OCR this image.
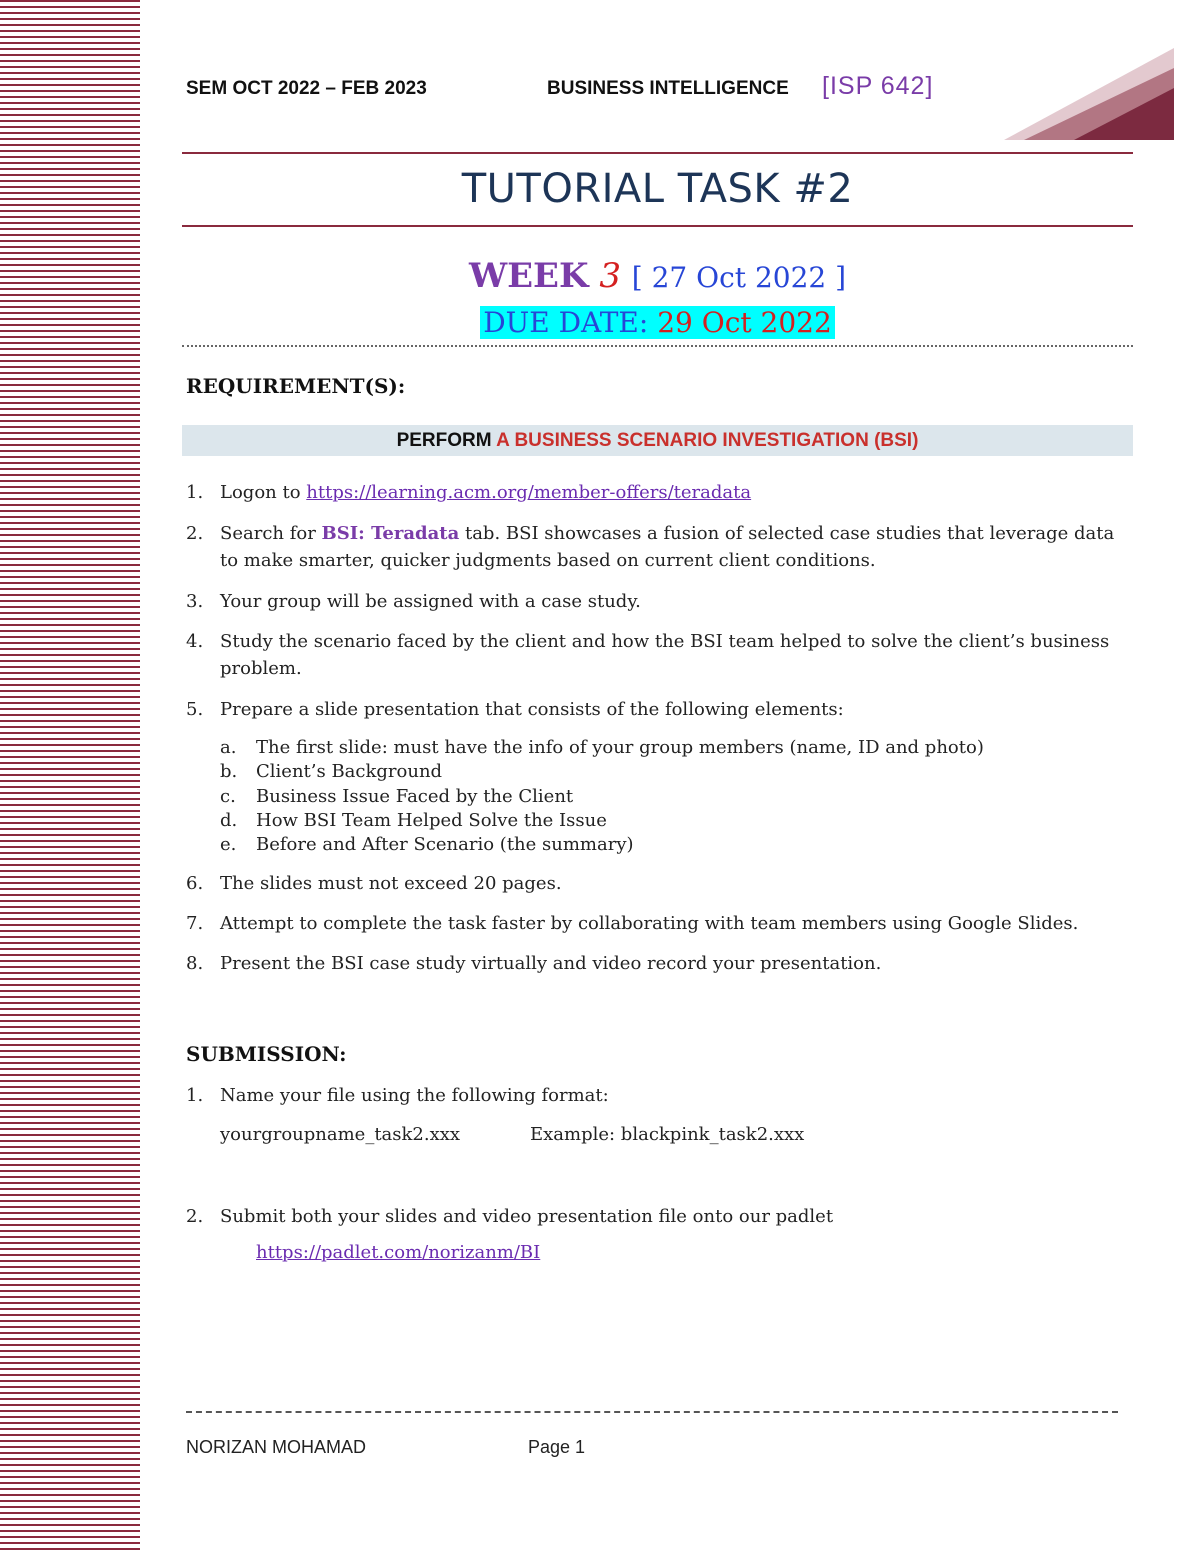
SEM OCT 2022 – FEB 2023	BUSINESS INTELLIGENCE [ISP 642]
TUTORIAL TASK #2
WEEK 3 [ 27 Oct 2022 ]
DUE DATE: 29 Oct 2022
REQUIREMENT(S):
PERFORM A BUSINESS SCENARIO INVESTIGATION (BSI)
1. Logon to https://learning.acm.org/member-offers/teradata
2. Search for BSI: Teradata tab. BSI showcases a fusion of selected case studies that leverage data to make smarter, quicker judgments based on current client conditions.
3. Your group will be assigned with a case study.
4. Study the scenario faced by the client and how the BSI team helped to solve the client’s business problem.
5. Prepare a slide presentation that consists of the following elements:
a. The first slide: must have the info of your group members (name, ID and photo)
b. Client’s Background
c. Business Issue Faced by the Client
d. How BSI Team Helped Solve the Issue
e. Before and After Scenario (the summary)
6. The slides must not exceed 20 pages.
7. Attempt to complete the task faster by collaborating with team members using Google Slides.
8. Present the BSI case study virtually and video record your presentation.
SUBMISSION:
1. Name your file using the following format:
yourgroupname_task2.xxx	Example: blackpink_task2.xxx
2. Submit both your slides and video presentation file onto our padlet
https://padlet.com/norizanm/BI
NORIZAN MOHAMAD	Page 1
